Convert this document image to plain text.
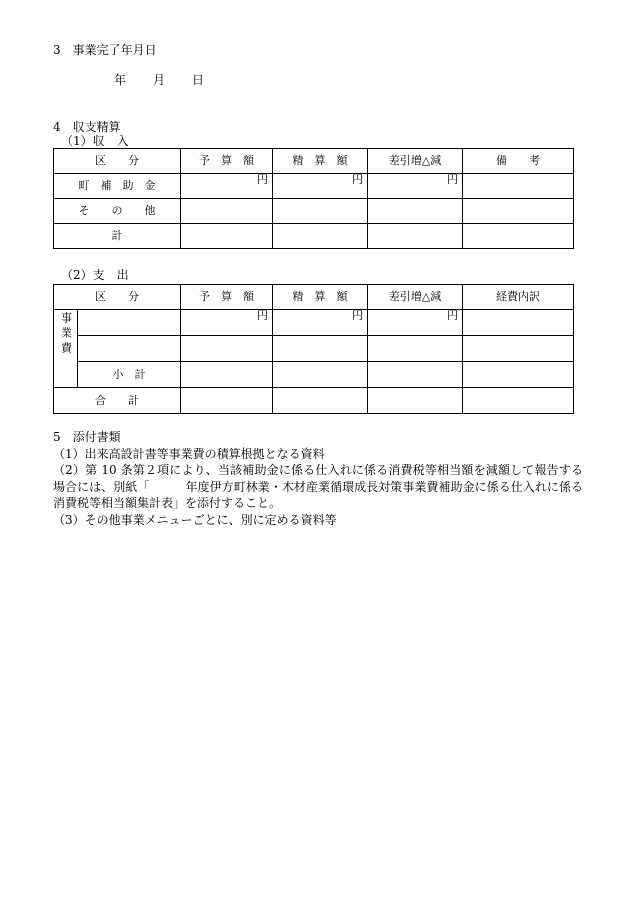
3　事業完了年月日
年 月 日
4　収支精算
（1）収　入
区　　分	予　算　額	精　算　額	差引増△減	備　　考
町　補　助　金	円	円	円	
そ　　の　　他				
計				
（2）支　出
区　　分		予　算　額	精　算　額	差引増△減	経費内訳
事業費		円	円	円	

	小　計				
合　　計					
5　添付書類
（1）出来高設計書等事業費の積算根拠となる資料
（2）第 10 条第２項により、当該補助金に係る仕入れに係る消費税等相当額を減額して報告する場合には、別紙「　　　年度伊方町林業・木材産業循環成長対策事業費補助金に係る仕入れに係る消費税等相当額集計表」を添付すること。
（3）その他事業メニューごとに、別に定める資料等
